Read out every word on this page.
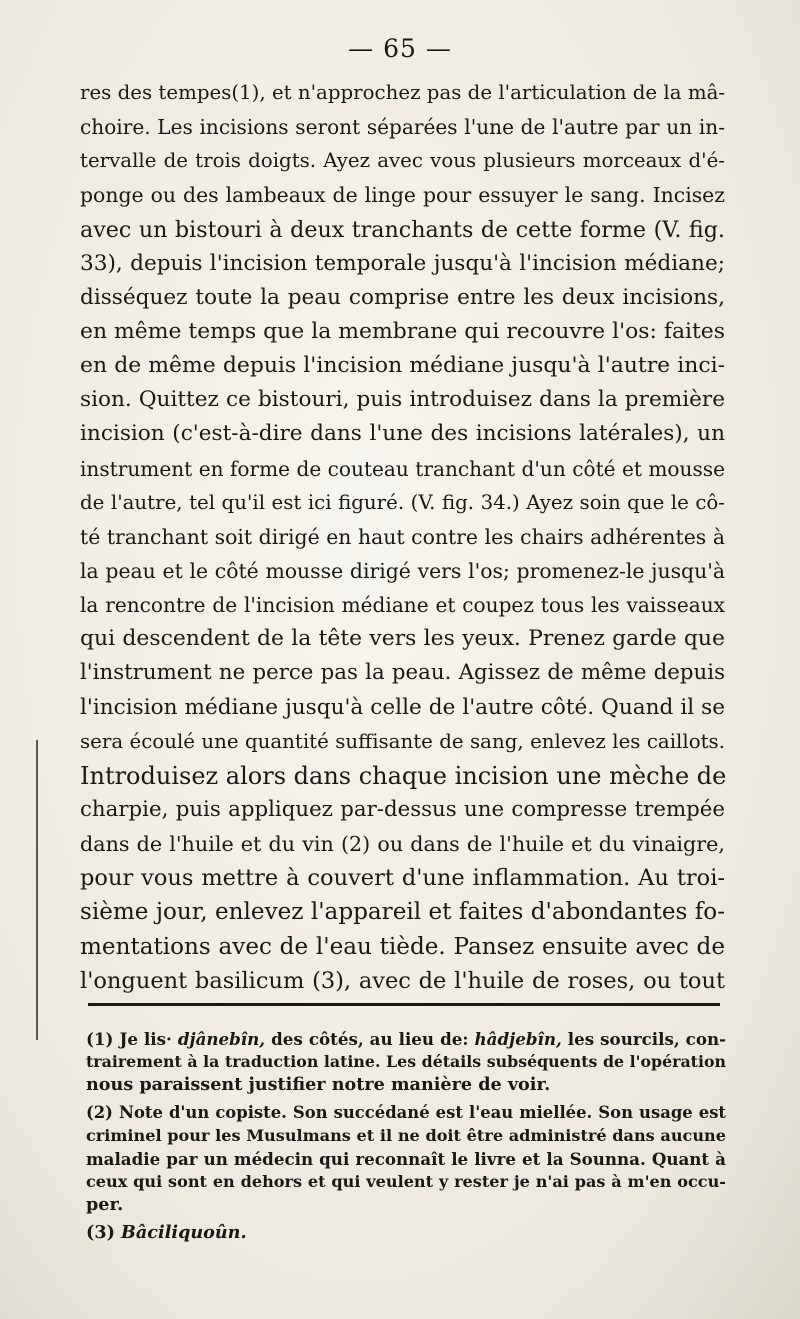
— 65 —
res des tempes(1), et n'approchez pas de l'articulation de la mâ-
choire. Les incisions seront séparées l'une de l'autre par un in-
tervalle de trois doigts. Ayez avec vous plusieurs morceaux d'é-
ponge ou des lambeaux de linge pour essuyer le sang. Incisez
avec un bistouri à deux tranchants de cette forme (V. fig.
33), depuis l'incision temporale jusqu'à l'incision médiane;
disséquez toute la peau comprise entre les deux incisions,
en même temps que la membrane qui recouvre l'os: faites
en de même depuis l'incision médiane jusqu'à l'autre inci-
sion. Quittez ce bistouri, puis introduisez dans la première
incision (c'est-à-dire dans l'une des incisions latérales), un
instrument en forme de couteau tranchant d'un côté et mousse
de l'autre, tel qu'il est ici figuré. (V. fig. 34.) Ayez soin que le cô-
té tranchant soit dirigé en haut contre les chairs adhérentes à
la peau et le côté mousse dirigé vers l'os; promenez-le jusqu'à
la rencontre de l'incision médiane et coupez tous les vaisseaux
qui descendent de la tête vers les yeux. Prenez garde que
l'instrument ne perce pas la peau. Agissez de même depuis
l'incision médiane jusqu'à celle de l'autre côté. Quand il se
sera écoulé une quantité suffisante de sang, enlevez les caillots.
Introduisez alors dans chaque incision une mèche de
charpie, puis appliquez par-dessus une compresse trempée
dans de l'huile et du vin (2) ou dans de l'huile et du vinaigre,
pour vous mettre à couvert d'une inflammation. Au troi-
sième jour, enlevez l'appareil et faites d'abondantes fo-
mentations avec de l'eau tiède. Pansez ensuite avec de
l'onguent basilicum (3), avec de l'huile de roses, ou tout
(1) Je lis· djânebîn, des côtés, au lieu de: hâdjebîn, les sourcils, con-
trairement à la traduction latine. Les détails subséquents de l'opération
nous paraissent justifier notre manière de voir.
(2) Note d'un copiste. Son succédané est l'eau miellée. Son usage est
criminel pour les Musulmans et il ne doit être administré dans aucune
maladie par un médecin qui reconnaît le livre et la Sounna. Quant à
ceux qui sont en dehors et qui veulent y rester je n'ai pas à m'en occu-
per.
(3) Bâciliquoûn.
